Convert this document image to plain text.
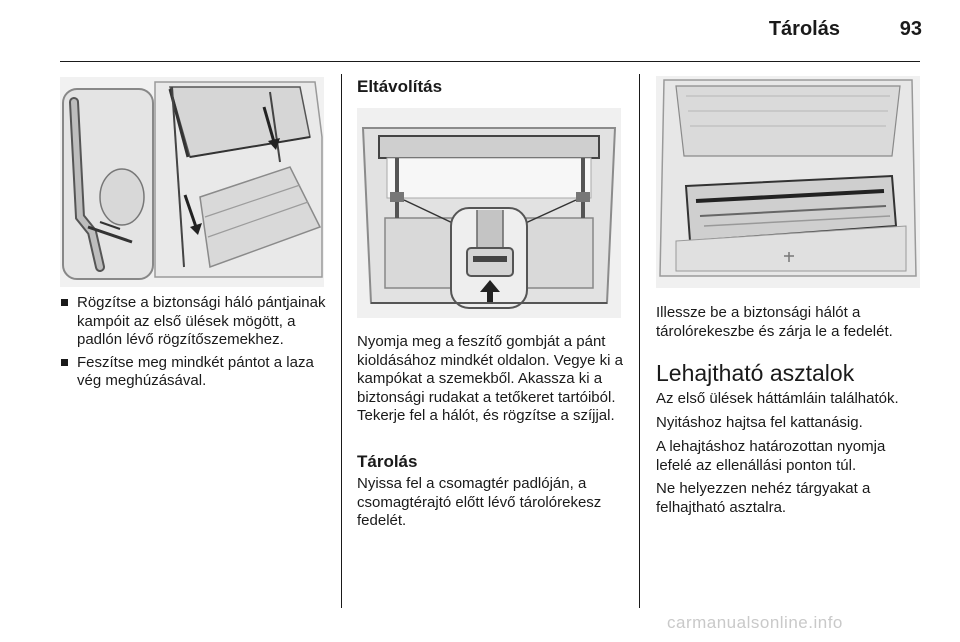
Tárolás	93
Rögzítse a biztonsági háló pántjainak kampóit az első ülések mögött, a padlón lévő rögzítőszemekhez.
Feszítse meg mindkét pántot a laza vég meghúzásával.
Eltávolítás

Nyomja meg a feszítő gombját a pánt kioldásához mindkét oldalon. Vegye ki a kampókat a szemekből. Akassza ki a biztonsági rudakat a tetőkeret tartóiból. Tekerje fel a hálót, és rögzítse a szíjjal.

Tárolás

Nyissa fel a csomagtér padlóján, a csomagtérajtó előtt lévő tárolórekesz fedelét.

Illessze be a biztonsági hálót a tárolórekeszbe és zárja le a fedelét.

Lehajtható asztalok

Az első ülések háttámláin találhatók.

Nyitáshoz hajtsa fel kattanásig.

A lehajtáshoz határozottan nyomja lefelé az ellenállási ponton túl.

Ne helyezzen nehéz tárgyakat a felhajtható asztalra.

carmanualsonline.info
